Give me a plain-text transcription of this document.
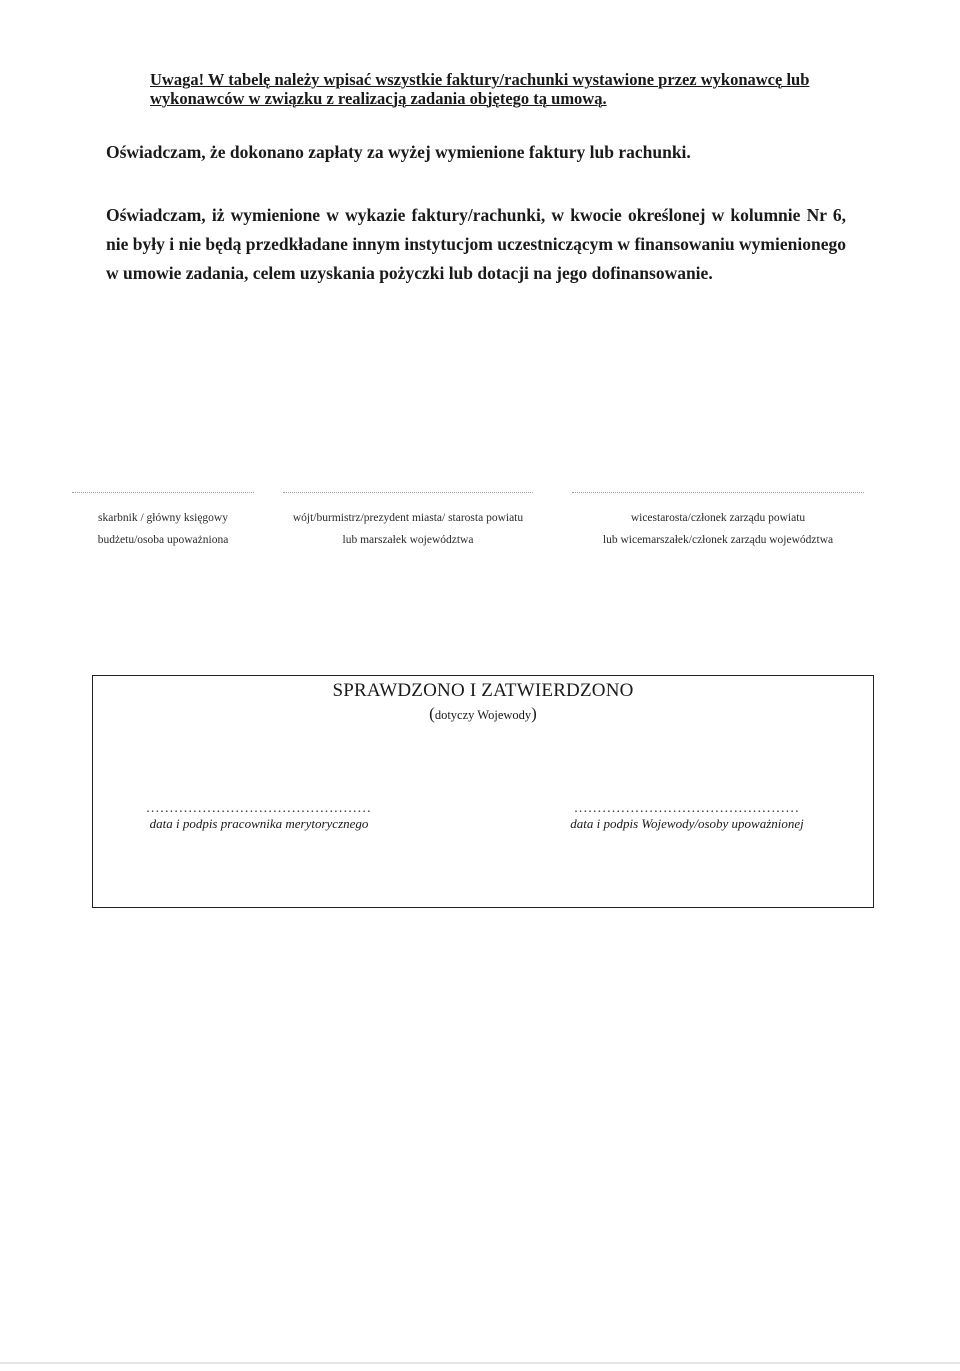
Uwaga! W tabelę należy wpisać wszystkie faktury/rachunki wystawione przez wykonawcę lub wykonawców w związku z realizacją zadania objętego tą umową.
Oświadczam, że dokonano zapłaty za wyżej wymienione faktury lub rachunki.
Oświadczam, iż wymienione w wykazie faktury/rachunki, w kwocie określonej w kolumnie Nr 6, nie były i nie będą przedkładane innym instytucjom uczestniczącym w finansowaniu wymienionego w umowie zadania, celem uzyskania pożyczki lub dotacji na jego dofinansowanie.
skarbnik / główny księgowy
budżetu/osoba upoważniona
wójt/burmistrz/prezydent miasta/ starosta powiatu
lub marszałek województwa
wicestarosta/członek zarządu powiatu
lub wicemarszałek/członek zarządu województwa
SPRAWDZONO I ZATWIERDZONO
(dotyczy Wojewody)
................................................
data i podpis pracownika merytorycznego
................................................
data i podpis Wojewody/osoby upoważnionej
